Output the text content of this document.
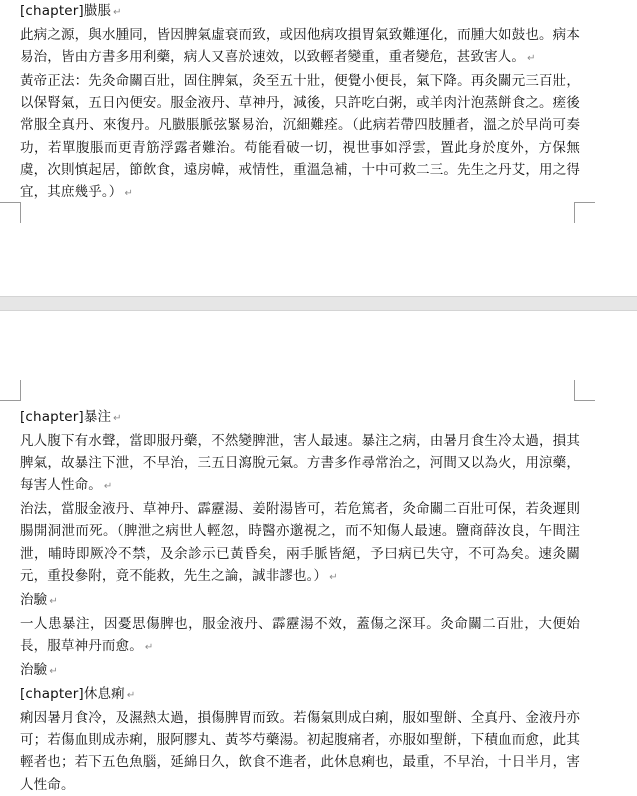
[chapter]臌脹 ↵

此病之源，與水腫同，皆因脾氣虛衰而致，或因他病攻損胃氣致難運化，而腫大如鼓也。病本易治，皆由方書多用利藥，病人又喜於速效，以致輕者變重，重者變危，甚致害人。 ↵

黃帝正法：先灸命關百壯，固住脾氣，灸至五十壯，便覺小便長，氣下降。再灸關元三百壯，以保腎氣，五日內便安。服金液丹、草神丹，減後，只許吃白粥，或羊肉汁泡蒸餅食之。瘥後常服全真丹、來復丹。凡臌脹脈弦緊易治，沉細難痊。（此病若帶四肢腫者，溫之於早尚可奏功，若單腹脹而更青筋浮露者難治。苟能看破一切，視世事如浮雲，置此身於度外，方保無虞，次則慎起居，節飲食，遠房幃，戒情性，重溫急補，十中可救二三。先生之丹艾，用之得宜，其庶幾乎。） ↵

[chapter]暴注 ↵

凡人腹下有水聲，當即服丹藥，不然變脾泄，害人最速。暴注之病，由暑月食生冷太過，損其脾氣，故暴注下泄，不早治，三五日瀉脫元氣。方書多作尋常治之，河間又以為火，用涼藥，每害人性命。 ↵

治法，當服金液丹、草神丹、霹靂湯、姜附湯皆可，若危篤者，灸命關二百壯可保，若灸遲則腸開洞泄而死。（脾泄之病世人輕忽，時醫亦邈視之，而不知傷人最速。鹽商薛汝良，午間注泄，晡時即厥冷不禁，及余診示已黃昏矣，兩手脈皆絕，予曰病已失守，不可為矣。速灸關元，重投參附，竟不能救，先生之論，誠非謬也。） ↵

治驗 ↵

一人患暴注，因憂思傷脾也，服金液丹、霹靂湯不效，蓋傷之深耳。灸命關二百壯，大便始長，服草神丹而愈。 ↵

治驗 ↵

[chapter]休息痢 ↵

痢因暑月食冷，及濕熱太過，損傷脾胃而致。若傷氣則成白痢，服如聖餅、全真丹、金液丹亦可；若傷血則成赤痢，服阿膠丸、黃芩芍藥湯。初起腹痛者，亦服如聖餅，下積血而愈，此其輕者也；若下五色魚腦，延綿日久，飲食不進者，此休息痢也，最重，不早治，十日半月，害人性命。
